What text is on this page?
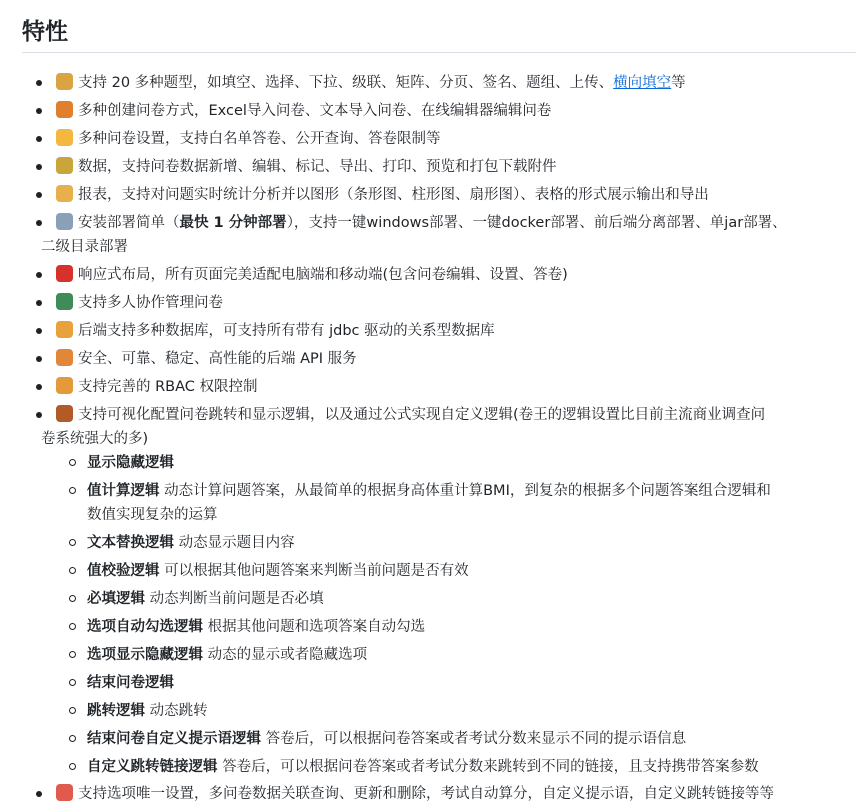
特性
支持 20 多种题型，如填空、选择、下拉、级联、矩阵、分页、签名、题组、上传、横向填空等
多种创建问卷方式，Excel导入问卷、文本导入问卷、在线编辑器编辑问卷
多种问卷设置，支持白名单答卷、公开查询、答卷限制等
数据，支持问卷数据新增、编辑、标记、导出、打印、预览和打包下载附件
报表，支持对问题实时统计分析并以图形（条形图、柱形图、扇形图）、表格的形式展示输出和导出
安装部署简单（最快 1 分钟部署），支持一键windows部署、一键docker部署、前后端分离部署、单jar部署、
二级目录部署
响应式布局，所有页面完美适配电脑端和移动端(包含问卷编辑、设置、答卷)
支持多人协作管理问卷
后端支持多种数据库，可支持所有带有 jdbc 驱动的关系型数据库
安全、可靠、稳定、高性能的后端 API 服务
支持完善的 RBAC 权限控制
支持可视化配置问卷跳转和显示逻辑，以及通过公式实现自定义逻辑(卷王的逻辑设置比目前主流商业调查问
卷系统强大的多)
显示隐藏逻辑
值计算逻辑 动态计算问题答案，从最简单的根据身高体重计算BMI，到复杂的根据多个问题答案组合逻辑和
数值实现复杂的运算
文本替换逻辑 动态显示题目内容
值校验逻辑 可以根据其他问题答案来判断当前问题是否有效
必填逻辑 动态判断当前问题是否必填
选项自动勾选逻辑 根据其他问题和选项答案自动勾选
选项显示隐藏逻辑 动态的显示或者隐藏选项
结束问卷逻辑
跳转逻辑 动态跳转
结束问卷自定义提示语逻辑 答卷后，可以根据问卷答案或者考试分数来显示不同的提示语信息
自定义跳转链接逻辑 答卷后，可以根据问卷答案或者考试分数来跳转到不同的链接，且支持携带答案参数
支持选项唯一设置，多问卷数据关联查询、更新和删除，考试自动算分，自定义提示语，自定义跳转链接等等
